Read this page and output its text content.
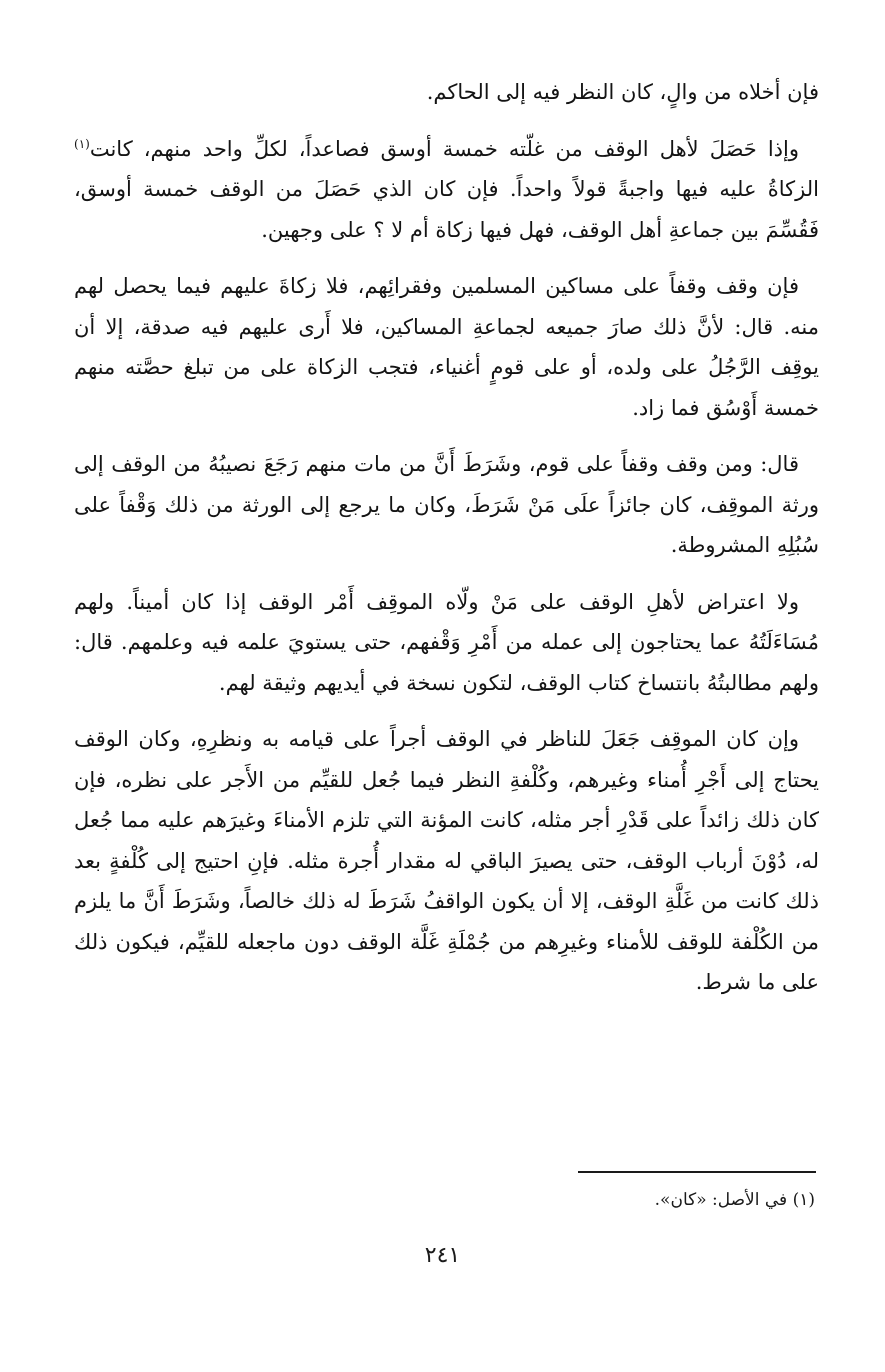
فإن أخلاه من والٍ، كان النظر فيه إلى الحاكم.

وإذا حَصَلَ لأهل الوقف من غلّته خمسة أوسق فصاعداً، لكلِّ واحد منهم، كانت$^{(١)}$ الزكاةُ عليه فيها واجبةً قولاً واحداً. فإن كان الذي حَصَلَ من الوقف خمسة أوسق، فَقُسِّمَ بين جماعةِ أهل الوقف، فهل فيها زكاة أم لا ؟ على وجهين.

فإن وقف وقفاً على مساكين المسلمين وفقرائِهم، فلا زكاةَ عليهم فيما يحصل لهم منه. قال: لأنَّ ذلك صارَ جميعه لجماعةِ المساكين، فلا أَرى عليهم فيه صدقة، إلا أن يوقِف الرَّجُلُ على ولده، أو على قومٍ أغنياء، فتجب الزكاة على من تبلغ حصَّته منهم خمسة أَوْسُق فما زاد.

قال: ومن وقف وقفاً على قوم، وشَرَطَ أَنَّ من مات منهم رَجَعَ نصيبُهُ من الوقف إلى ورثة الموقِف، كان جائزاً علَى مَنْ شَرَطَ، وكان ما يرجع إلى الورثة من ذلك وَقْفاً على سُبُلِهِ المشروطة.

ولا اعتراض لأهلِ الوقف على مَنْ ولّاه الموقِف أَمْر الوقف إذا كان أميناً. ولهم مُسَاءَلَتُهُ عما يحتاجون إلى عمله من أَمْرِ وَقْفهم، حتى يستويَ علمه فيه وعلمهم. قال: ولهم مطالبتُهُ بانتساخ كتاب الوقف، لتكون نسخة في أيديهم وثيقة لهم.

وإن كان الموقِف جَعَلَ للناظر في الوقف أجراً على قيامه به ونظرِهِ، وكان الوقف يحتاج إلى أَجْرِ أُمناء وغيرهم، وكُلْفةِ النظر فيما جُعل للقيِّم من الأَجر على نظره، فإن كان ذلك زائداً على قَدْرِ أجر مثله، كانت المؤنة التي تلزم الأمناءَ وغيرَهم عليه مما جُعل له، دُوْنَ أرباب الوقف، حتى يصيرَ الباقي له مقدار أُجرة مثله. فإنِ احتيج إلى كُلْفةٍ بعد ذلك كانت من غَلَّةِ الوقف، إلا أن يكون الواقفُ شَرَطَ له ذلك خالصاً، وشَرَطَ أَنَّ ما يلزم من الكُلْفة للوقف للأمناء وغيرِهم من جُمْلَةِ غَلَّة الوقف دون ماجعله للقيِّم، فيكون ذلك على ما شرط.

(١) في الأصل: «كان».
٢٤١
